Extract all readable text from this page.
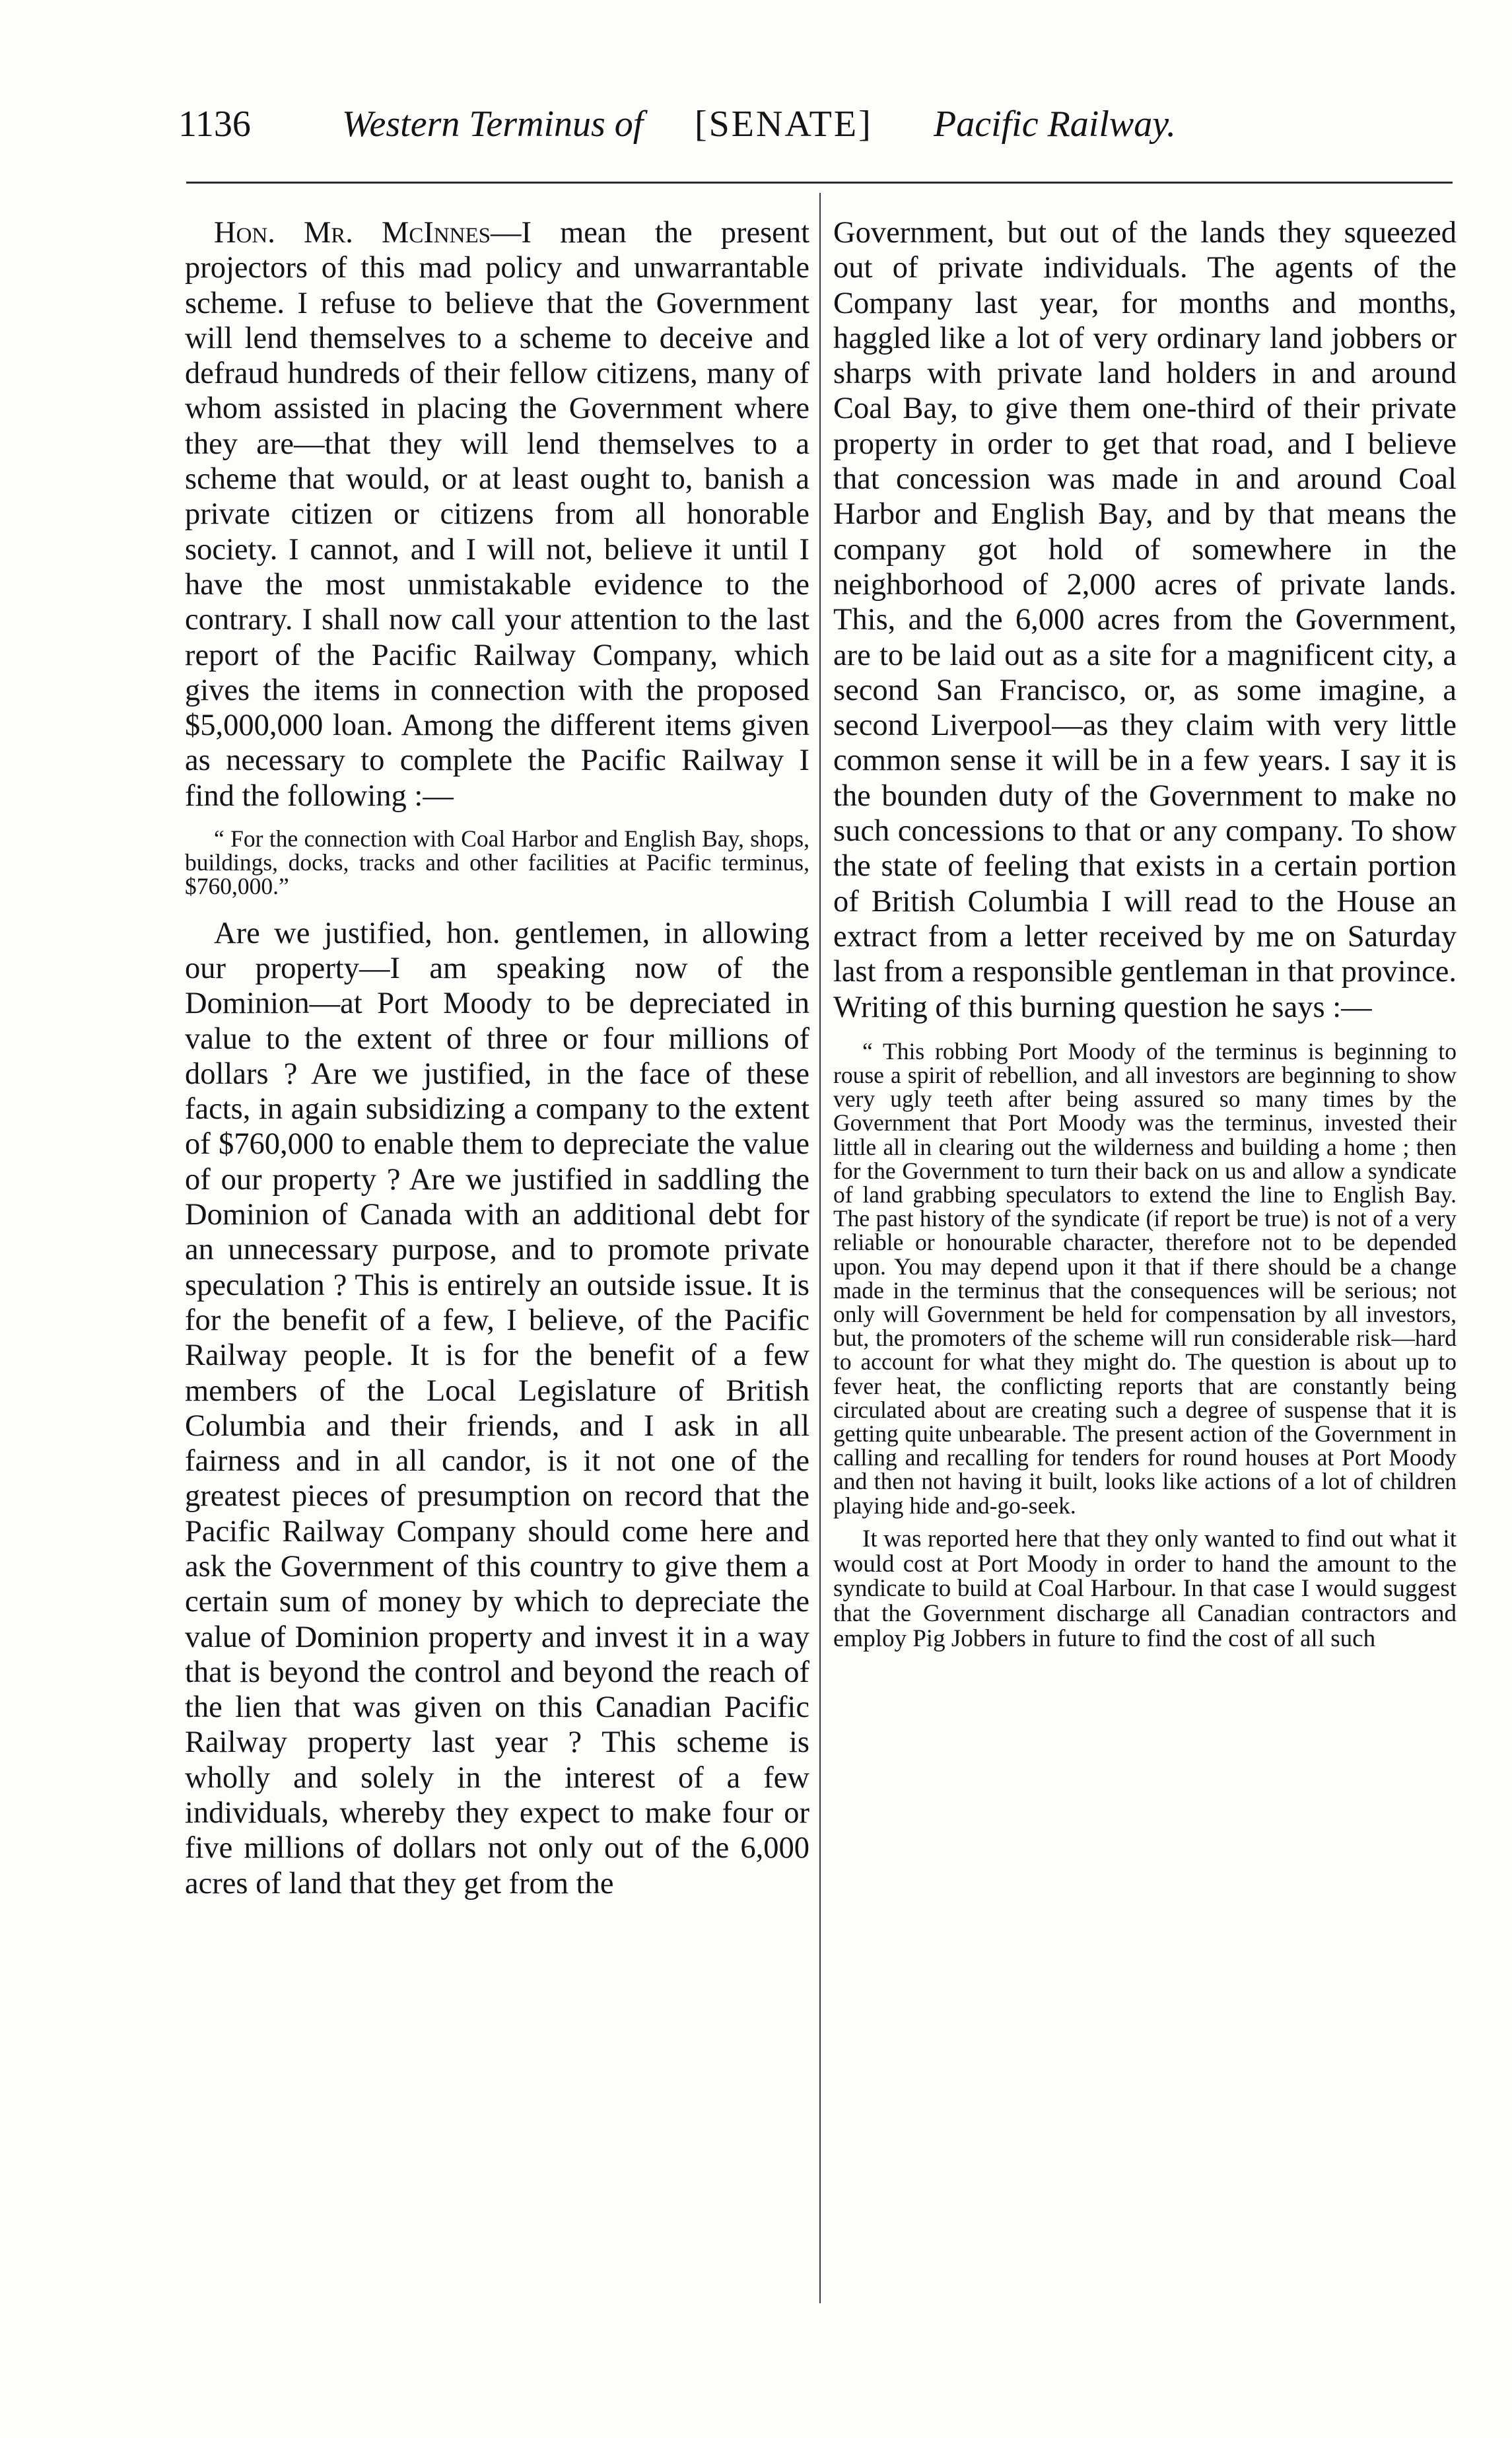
1136 Western Terminus of [SENATE] Pacific Railway.

Hon. Mr. McInnes—I mean the present projectors of this mad policy and unwarrantable scheme. I refuse to believe that the Government will lend themselves to a scheme to deceive and defraud hundreds of their fellow citizens, many of whom assisted in placing the Government where they are—that they will lend themselves to a scheme that would, or at least ought to, banish a private citizen or citizens from all honorable society. I cannot, and I will not, believe it until I have the most unmistakable evidence to the contrary. I shall now call your attention to the last report of the Pacific Railway Company, which gives the items in connection with the proposed $5,000,000 loan. Among the different items given as necessary to complete the Pacific Railway I find the following :—

“ For the connection with Coal Harbor and English Bay, shops, buildings, docks, tracks and other facilities at Pacific terminus, $760,000.”

Are we justified, hon. gentlemen, in allowing our property—I am speaking now of the Dominion—at Port Moody to be depreciated in value to the extent of three or four millions of dollars ? Are we justified, in the face of these facts, in again subsidizing a company to the extent of $760,000 to enable them to depreciate the value of our property ? Are we justified in saddling the Dominion of Canada with an additional debt for an unnecessary purpose, and to promote private speculation ? This is entirely an outside issue. It is for the benefit of a few, I believe, of the Pacific Railway people. It is for the benefit of a few members of the Local Legislature of British Columbia and their friends, and I ask in all fairness and in all candor, is it not one of the greatest pieces of presumption on record that the Pacific Railway Company should come here and ask the Government of this country to give them a certain sum of money by which to depreciate the value of Dominion property and invest it in a way that is beyond the control and beyond the reach of the lien that was given on this Canadian Pacific Railway property last year ? This scheme is wholly and solely in the interest of a few individuals, whereby they expect to make four or five millions of dollars not only out of the 6,000 acres of land that they get from the

Government, but out of the lands they squeezed out of private individuals. The agents of the Company last year, for months and months, haggled like a lot of very ordinary land jobbers or sharps with private land holders in and around Coal Bay, to give them one-third of their private property in order to get that road, and I believe that concession was made in and around Coal Harbor and English Bay, and by that means the company got hold of somewhere in the neighborhood of 2,000 acres of private lands. This, and the 6,000 acres from the Government, are to be laid out as a site for a magnificent city, a second San Francisco, or, as some imagine, a second Liverpool—as they claim with very little common sense it will be in a few years. I say it is the bounden duty of the Government to make no such concessions to that or any company. To show the state of feeling that exists in a certain portion of British Columbia I will read to the House an extract from a letter received by me on Saturday last from a responsible gentleman in that province. Writing of this burning question he says :—

“ This robbing Port Moody of the terminus is beginning to rouse a spirit of rebellion, and all investors are beginning to show very ugly teeth after being assured so many times by the Government that Port Moody was the terminus, invested their little all in clearing out the wilderness and building a home ; then for the Government to turn their back on us and allow a syndicate of land grabbing speculators to extend the line to English Bay. The past history of the syndicate (if report be true) is not of a very reliable or honourable character, therefore not to be depended upon. You may depend upon it that if there should be a change made in the terminus that the consequences will be serious; not only will Government be held for compensation by all investors, but, the promoters of the scheme will run considerable risk—hard to account for what they might do. The question is about up to fever heat, the conflicting reports that are constantly being circulated about are creating such a degree of suspense that it is getting quite unbearable. The present action of the Government in calling and recalling for tenders for round houses at Port Moody and then not having it built, looks like actions of a lot of children playing hide and-go-seek.

It was reported here that they only wanted to find out what it would cost at Port Moody in order to hand the amount to the syndicate to build at Coal Harbour. In that case I would suggest that the Government discharge all Canadian contractors and employ Pig Jobbers in future to find the cost of all such
